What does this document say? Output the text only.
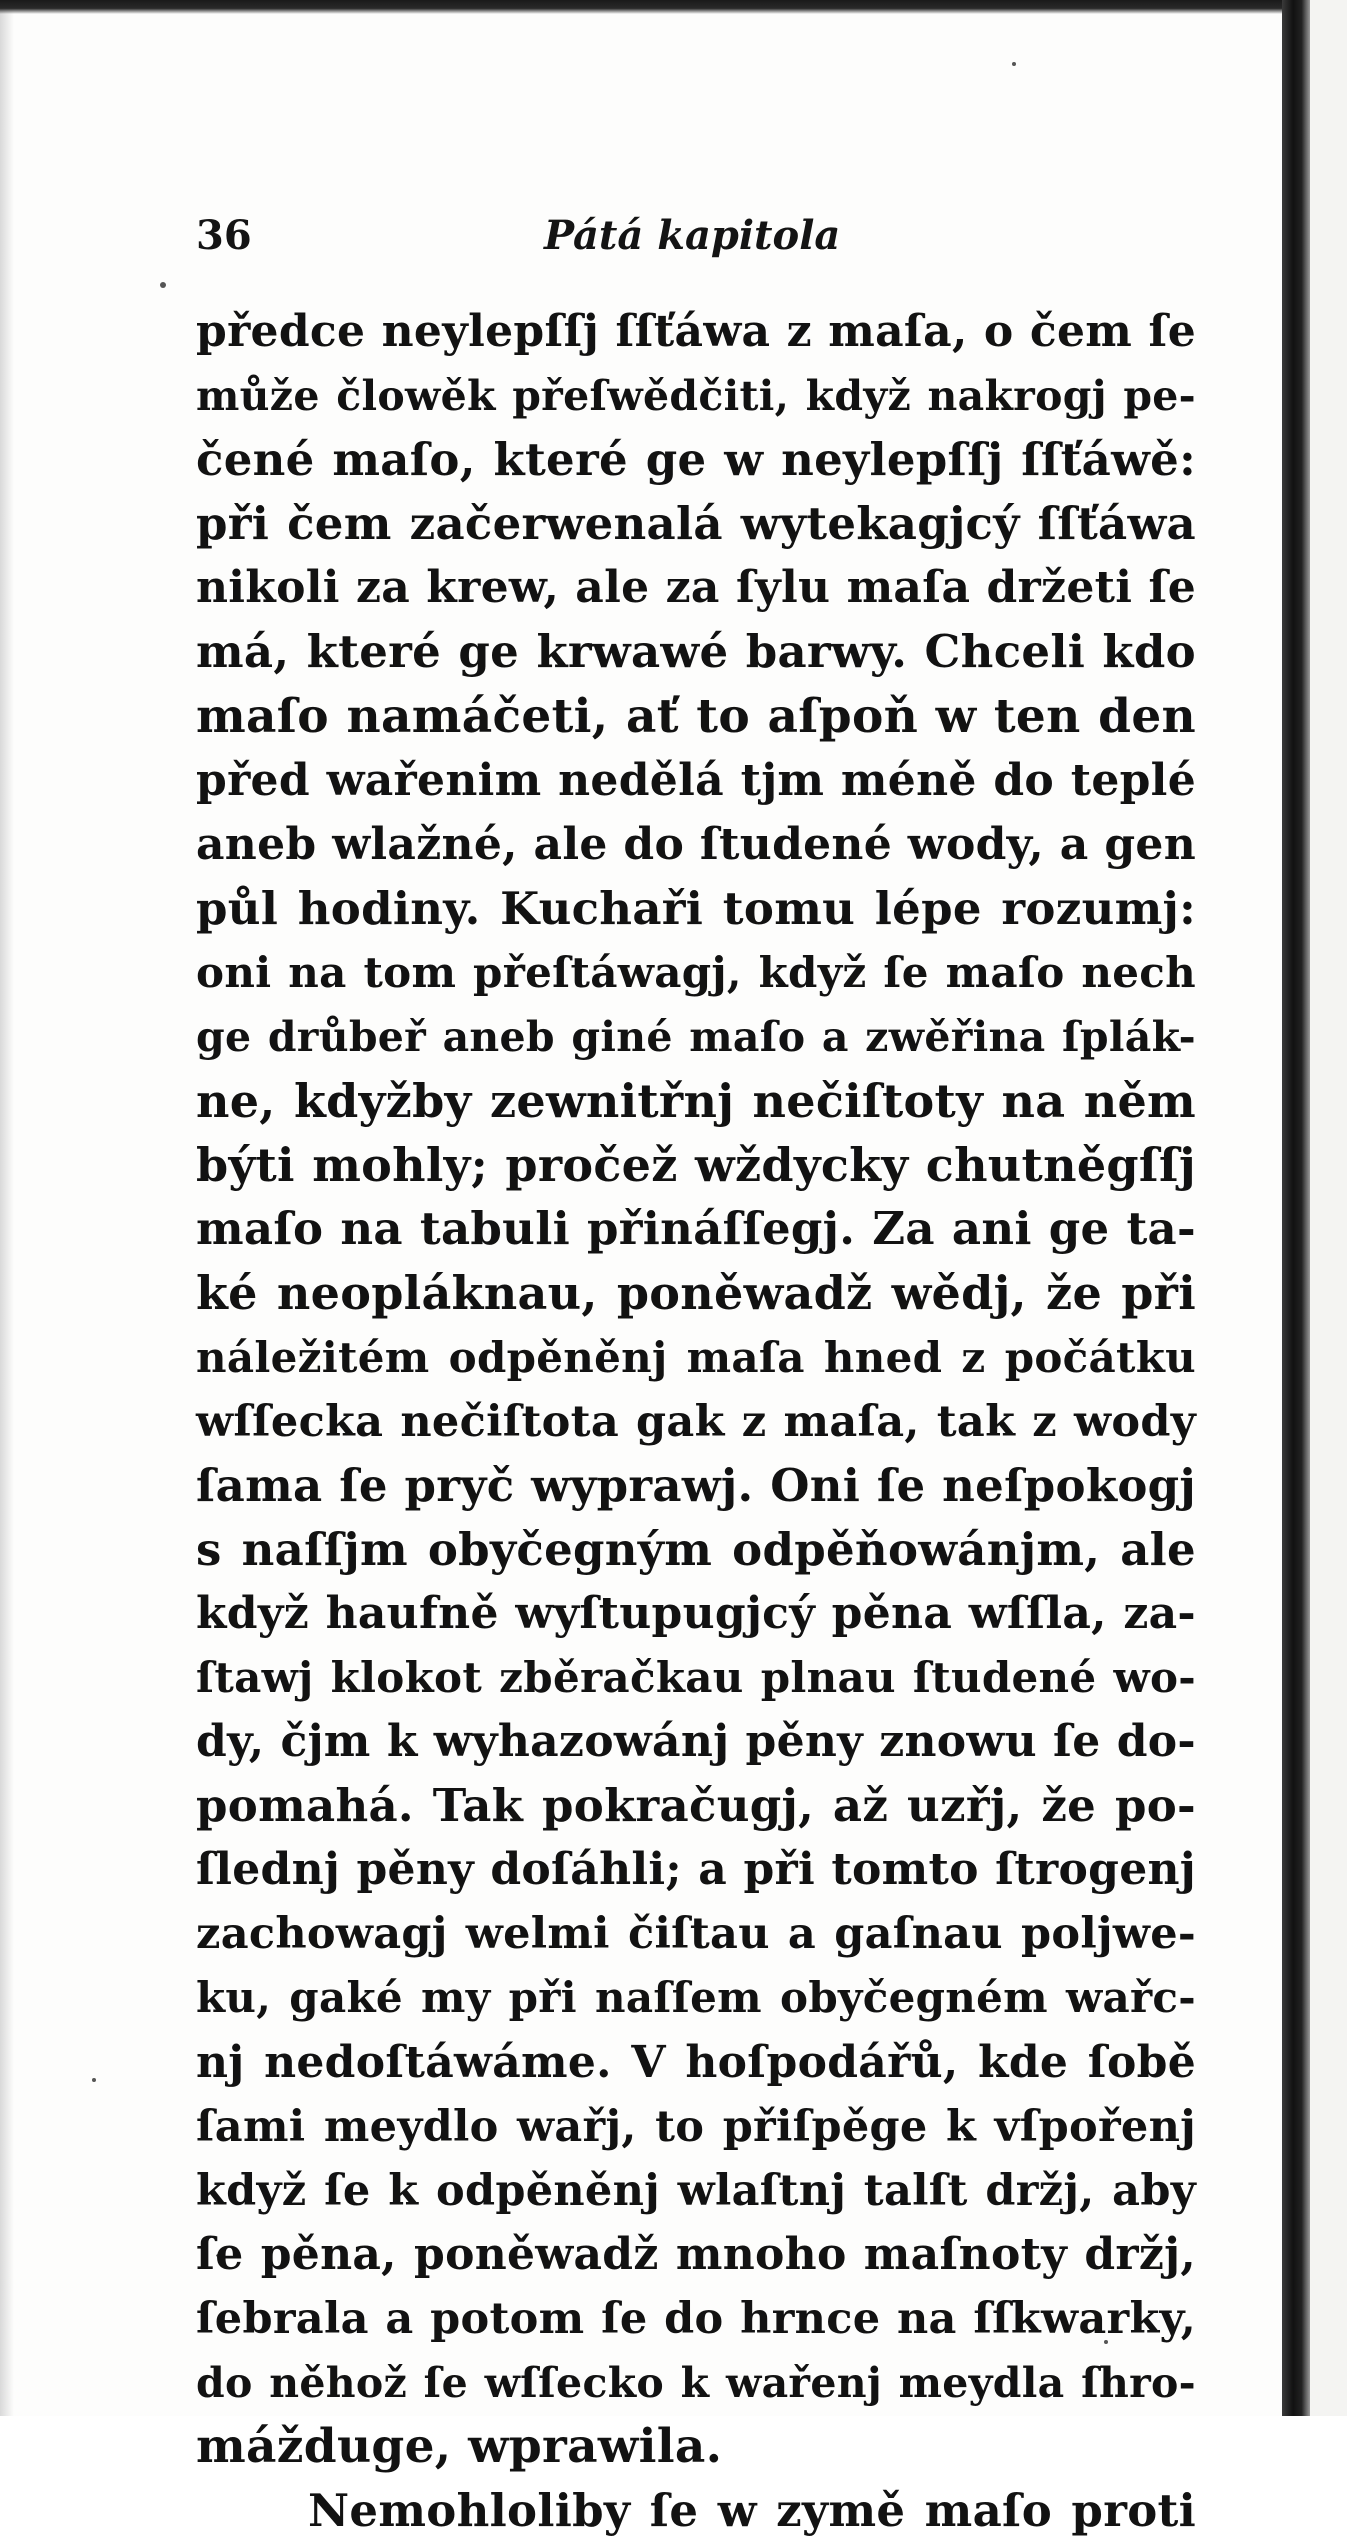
36	Pátá kapitola
předce neylepſſj ſſťáwa z maſa, o čem ſe
může člowěk přeſwědčiti, když nakrogj pe-
čené maſo, které ge w neylepſſj ſſťáwě:
při čem začerwenalá wytekagjcý ſſťáwa
nikoli za krew, ale za ſylu maſa držeti ſe
má, které ge krwawé barwy. Chceli kdo
maſo namáčeti, ať to aſpoň w ten den
před wařenim nedělá tjm méně do teplé
aneb wlažné, ale do ſtudené wody, a gen
půl hodiny. Kuchaři tomu lépe rozumj:
oni na tom přeſtáwagj, když ſe maſo nech
ge drůbeř aneb giné maſo a zwěřina ſplák-
ne, kdyžby zewnitřnj nečiſtoty na něm
býti mohly; pročež wždycky chutněgſſj
maſo na tabuli přináſſegj. Za ani ge ta-
ké neopláknau, poněwadž wědj, že při
náležitém odpěněnj maſa hned z počátku
wſſecka nečiſtota gak z maſa, tak z wody
ſama ſe pryč wyprawj. Oni ſe neſpokogj
s naſſjm obyčegným odpěňowánjm, ale
když haufně wyſtupugjcý pěna wſſla, za-
ſtawj klokot zběračkau plnau ſtudené wo-
dy, čjm k wyhazowánj pěny znowu ſe do-
pomahá. Tak pokračugj, až uzřj, že po-
ſlednj pěny doſáhli; a při tomto ſtrogenj
zachowagj welmi čiſtau a gaſnau poljwe-
ku, gaké my při naſſem obyčegném wařc-
nj nedoſtáwáme. V hoſpodářů, kde ſobě
ſami meydlo wařj, to přiſpěge k vſpořenj
když ſe k odpěněnj wlaſtnj talſt držj, aby
ſe pěna, poněwadž mnoho maſnoty držj,
ſebrala a potom ſe do hrnce na ſſkwarky,
do něhož ſe wſſecko k wařenj meydla ſhro-
mážduge, wprawila.
Nemohloliby ſe w zymě maſo proti
